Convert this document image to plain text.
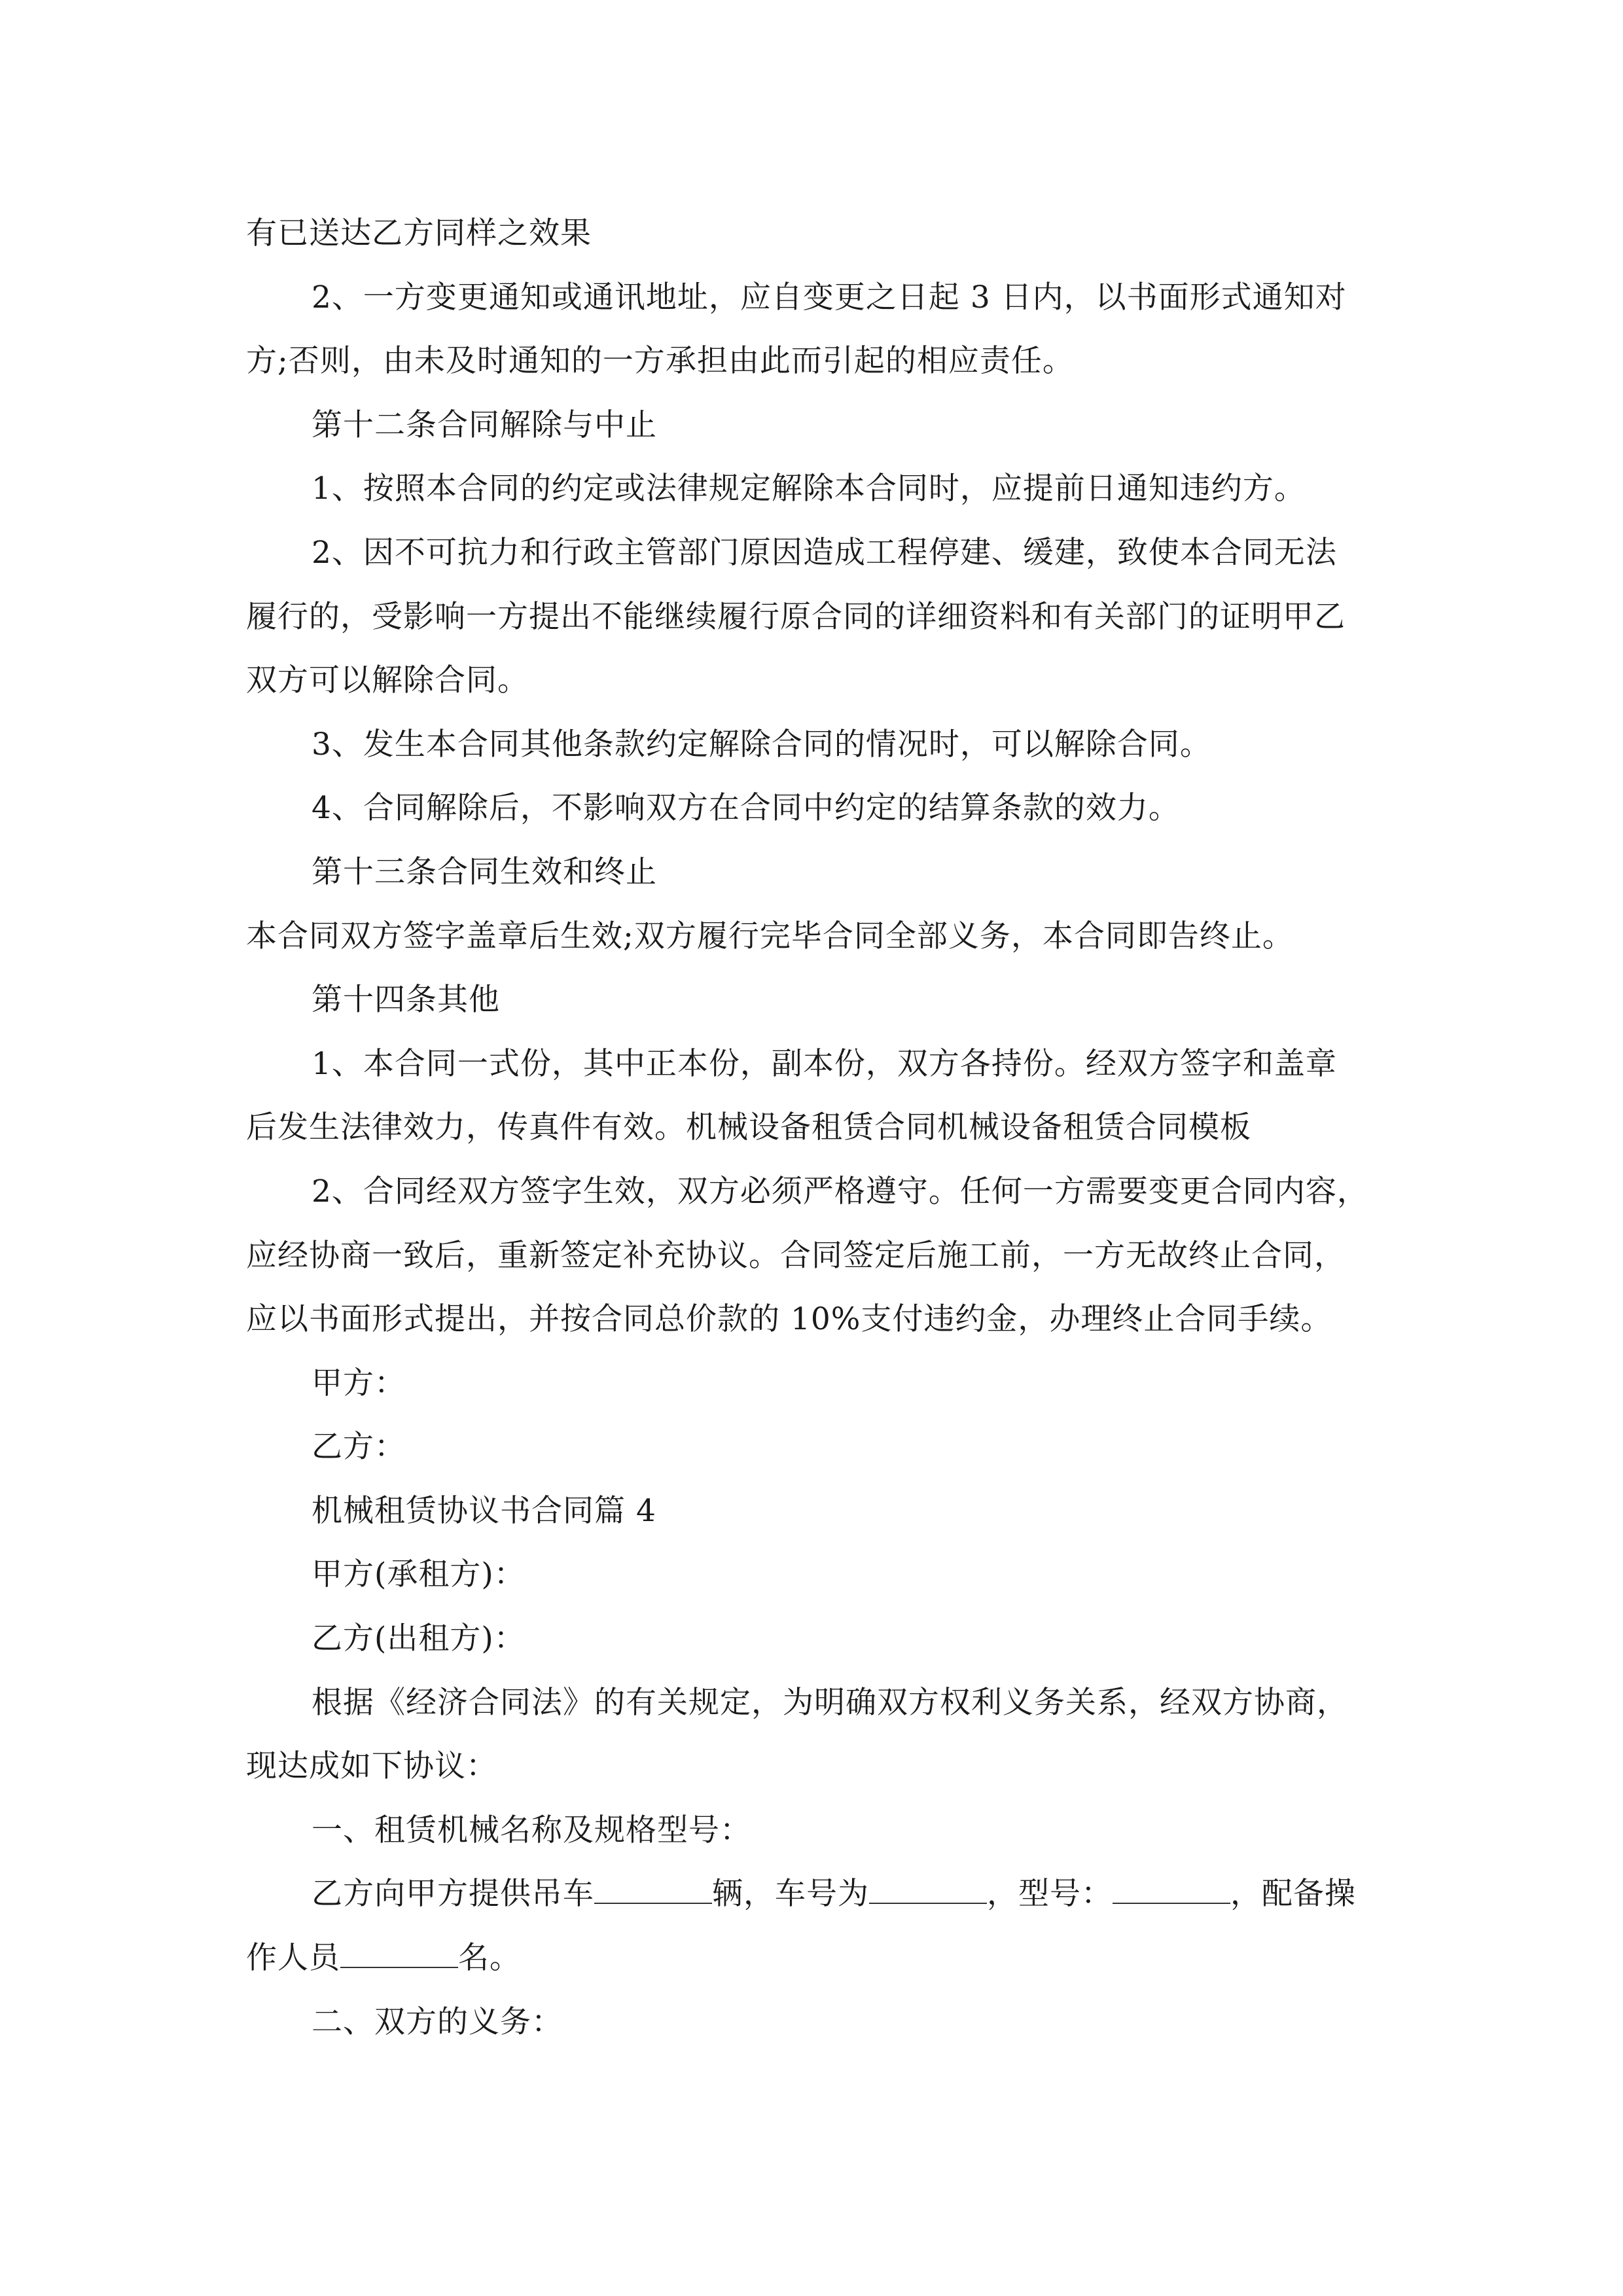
有已送达乙方同样之效果
2、一方变更通知或通讯地址，应自变更之日起 3 日内，以书面形式通知对
方;否则，由未及时通知的一方承担由此而引起的相应责任。
第十二条合同解除与中止
1、按照本合同的约定或法律规定解除本合同时，应提前日通知违约方。
2、因不可抗力和行政主管部门原因造成工程停建、缓建，致使本合同无法
履行的，受影响一方提出不能继续履行原合同的详细资料和有关部门的证明甲乙
双方可以解除合同。
3、发生本合同其他条款约定解除合同的情况时，可以解除合同。
4、合同解除后，不影响双方在合同中约定的结算条款的效力。
第十三条合同生效和终止
本合同双方签字盖章后生效;双方履行完毕合同全部义务，本合同即告终止。
第十四条其他
1、本合同一式份，其中正本份，副本份，双方各持份。经双方签字和盖章
后发生法律效力，传真件有效。机械设备租赁合同机械设备租赁合同模板
2、合同经双方签字生效，双方必须严格遵守。任何一方需要变更合同内容，
应经协商一致后，重新签定补充协议。合同签定后施工前，一方无故终止合同，
应以书面形式提出，并按合同总价款的 10%支付违约金，办理终止合同手续。
甲方：
乙方：
机械租赁协议书合同篇 4
甲方(承租方)：
乙方(出租方)：
根据《经济合同法》的有关规定，为明确双方权利义务关系，经双方协商，
现达成如下协议：
一、租赁机械名称及规格型号：
乙方向甲方提供吊车	辆，车号为	，型号：	，配备操
作人员	名。
二、双方的义务：
